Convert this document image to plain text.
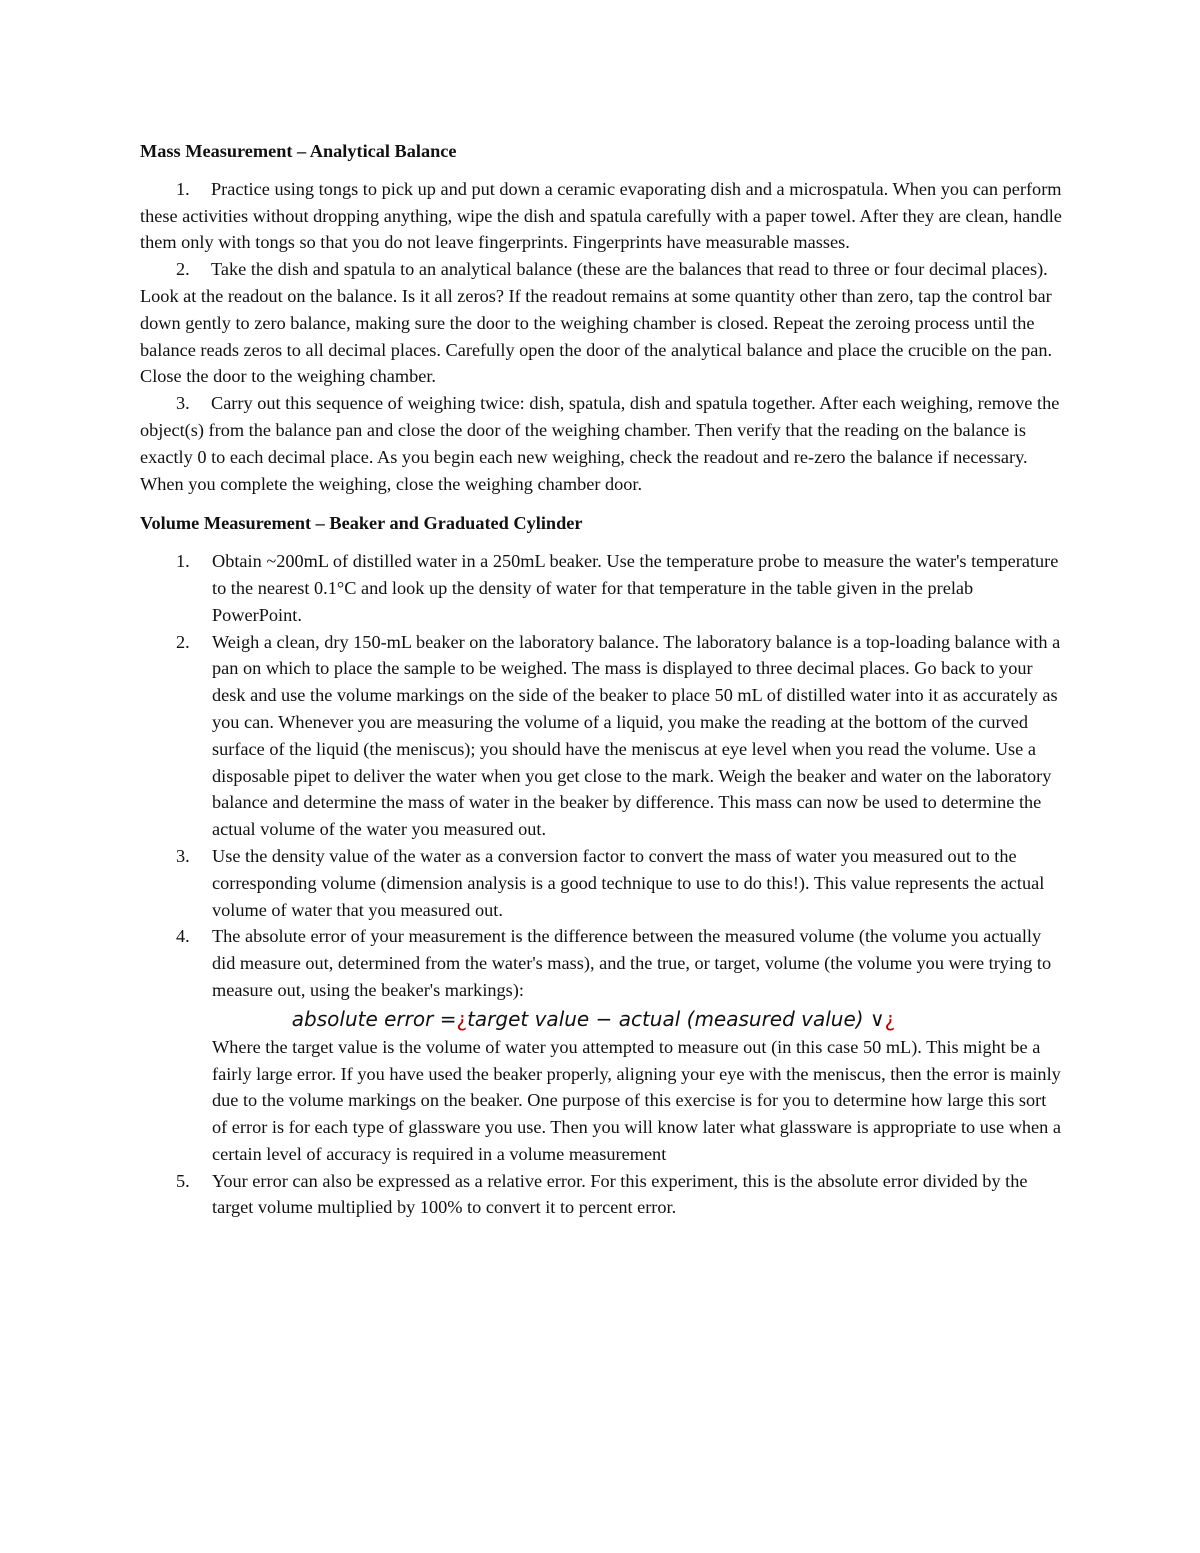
Mass Measurement – Analytical Balance
1. Practice using tongs to pick up and put down a ceramic evaporating dish and a microspatula. When you can perform these activities without dropping anything, wipe the dish and spatula carefully with a paper towel. After they are clean, handle them only with tongs so that you do not leave fingerprints. Fingerprints have measurable masses.
2. Take the dish and spatula to an analytical balance (these are the balances that read to three or four decimal places). Look at the readout on the balance. Is it all zeros? If the readout remains at some quantity other than zero, tap the control bar down gently to zero balance, making sure the door to the weighing chamber is closed. Repeat the zeroing process until the balance reads zeros to all decimal places. Carefully open the door of the analytical balance and place the crucible on the pan. Close the door to the weighing chamber.
3. Carry out this sequence of weighing twice: dish, spatula, dish and spatula together. After each weighing, remove the object(s) from the balance pan and close the door of the weighing chamber. Then verify that the reading on the balance is exactly 0 to each decimal place. As you begin each new weighing, check the readout and re-zero the balance if necessary. When you complete the weighing, close the weighing chamber door.
Volume Measurement – Beaker and Graduated Cylinder
1. Obtain ~200mL of distilled water in a 250mL beaker. Use the temperature probe to measure the water's temperature to the nearest 0.1°C and look up the density of water for that temperature in the table given in the prelab PowerPoint.
2. Weigh a clean, dry 150-mL beaker on the laboratory balance. The laboratory balance is a top-loading balance with a pan on which to place the sample to be weighed. The mass is displayed to three decimal places. Go back to your desk and use the volume markings on the side of the beaker to place 50 mL of distilled water into it as accurately as you can. Whenever you are measuring the volume of a liquid, you make the reading at the bottom of the curved surface of the liquid (the meniscus); you should have the meniscus at eye level when you read the volume. Use a disposable pipet to deliver the water when you get close to the mark. Weigh the beaker and water on the laboratory balance and determine the mass of water in the beaker by difference. This mass can now be used to determine the actual volume of the water you measured out.
3. Use the density value of the water as a conversion factor to convert the mass of water you measured out to the corresponding volume (dimension analysis is a good technique to use to do this!). This value represents the actual volume of water that you measured out.
4. The absolute error of your measurement is the difference between the measured volume (the volume you actually did measure out, determined from the water's mass), and the true, or target, volume (the volume you were trying to measure out, using the beaker's markings):
absolute error =¿target value − actual (measured value) ∨¿
Where the target value is the volume of water you attempted to measure out (in this case 50 mL). This might be a fairly large error. If you have used the beaker properly, aligning your eye with the meniscus, then the error is mainly due to the volume markings on the beaker. One purpose of this exercise is for you to determine how large this sort of error is for each type of glassware you use. Then you will know later what glassware is appropriate to use when a certain level of accuracy is required in a volume measurement
5. Your error can also be expressed as a relative error. For this experiment, this is the absolute error divided by the target volume multiplied by 100% to convert it to percent error.
